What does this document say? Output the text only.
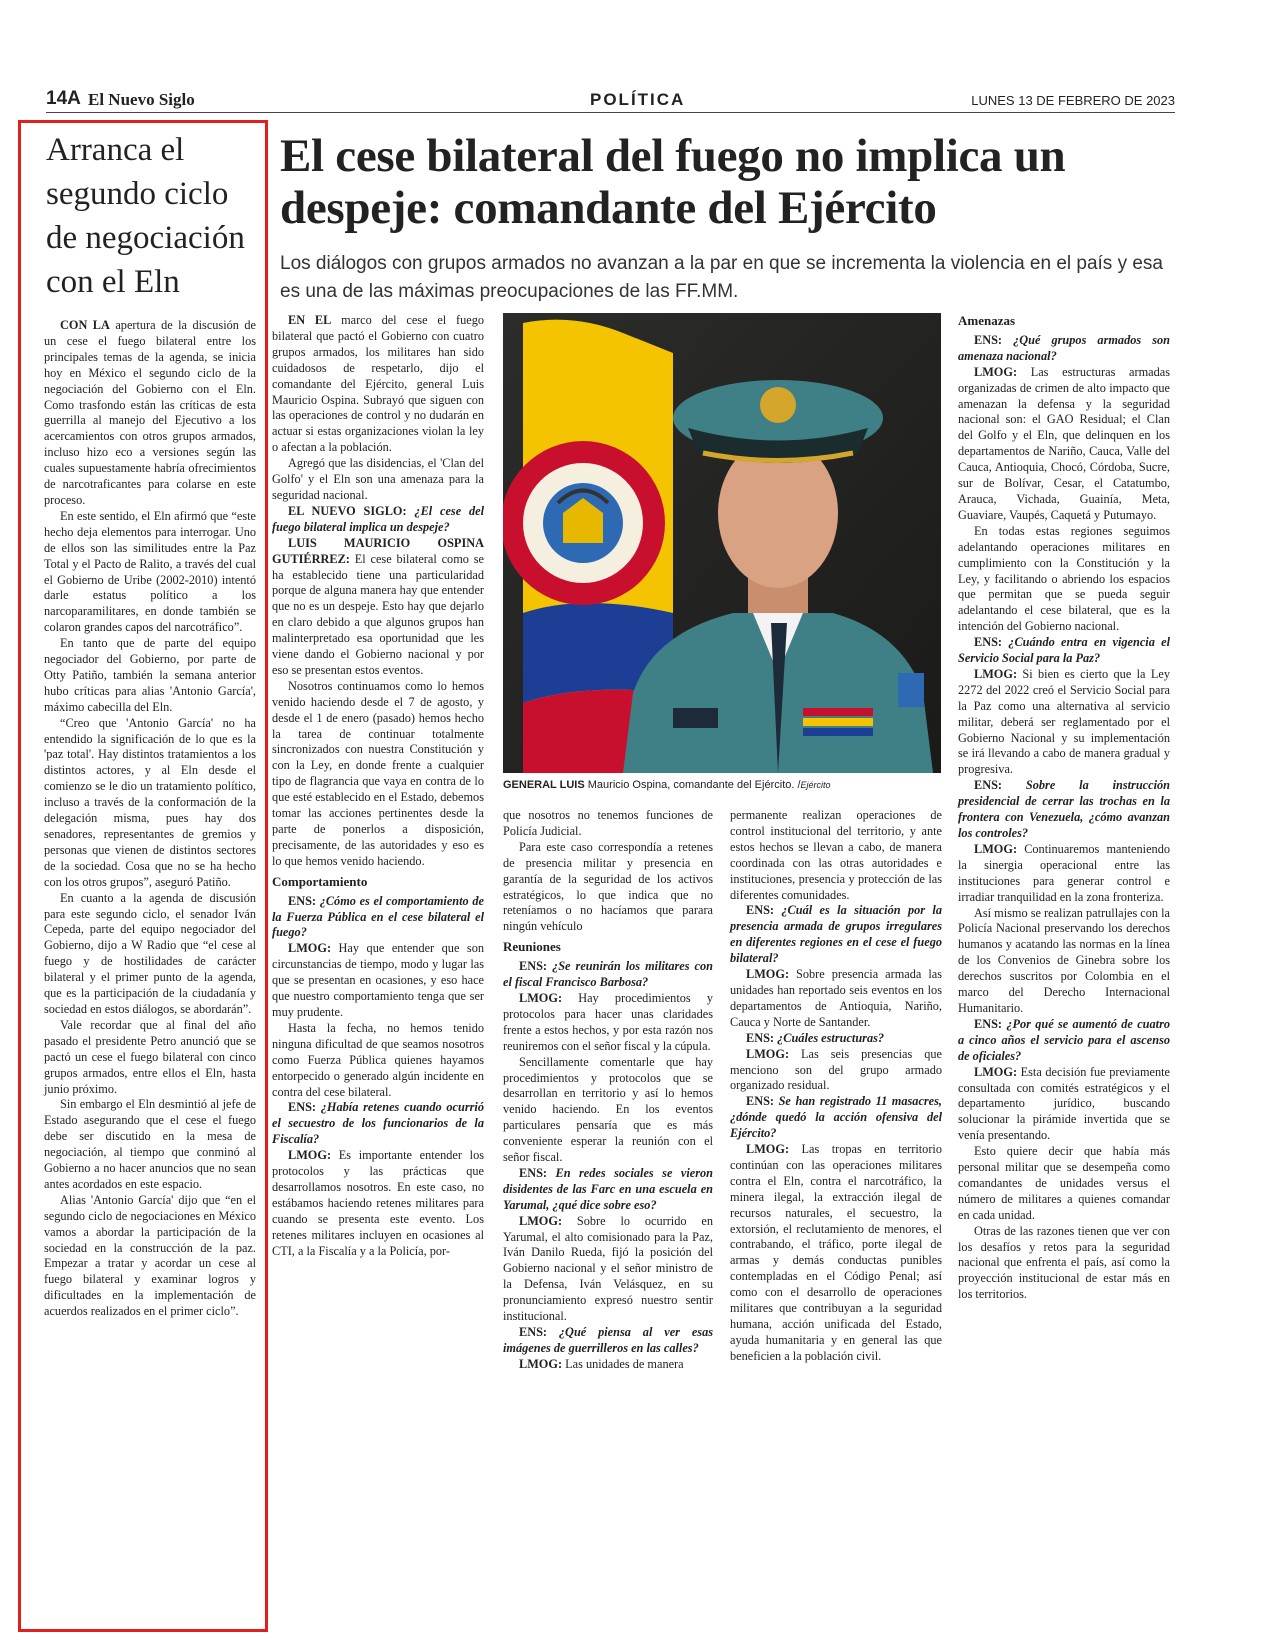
14A El Nuevo Siglo	POLÍTICA	LUNES 13 DE FEBRERO DE 2023
Arranca el segundo ciclo de negociación con el Eln

CON LA apertura de la discusión de un cese el fuego bilateral entre los principales temas de la agenda, se inicia hoy en México el segundo ciclo de la negociación del Gobierno con el Eln. Como trasfondo están las críticas de esta guerrilla al manejo del Ejecutivo a los acercamientos con otros grupos armados, incluso hizo eco a versiones según las cuales supuestamente habría ofrecimientos de narcotraficantes para colarse en este proceso.

En este sentido, el Eln afirmó que “este hecho deja elementos para interrogar. Uno de ellos son las similitudes entre la Paz Total y el Pacto de Ralito, a través del cual el Gobierno de Uribe (2002-2010) intentó darle estatus político a los narcoparamilitares, en donde también se colaron grandes capos del narcotráfico”.

En tanto que de parte del equipo negociador del Gobierno, por parte de Otty Patiño, también la semana anterior hubo críticas para alias 'Antonio García', máximo cabecilla del Eln.

“Creo que 'Antonio García' no ha entendido la significación de lo que es la 'paz total'. Hay distintos tratamientos a los distintos actores, y al Eln desde el comienzo se le dio un tratamiento político, incluso a través de la conformación de la delegación misma, pues hay dos senadores, representantes de gremios y personas que vienen de distintos sectores de la sociedad. Cosa que no se ha hecho con los otros grupos”, aseguró Patiño.

En cuanto a la agenda de discusión para este segundo ciclo, el senador Iván Cepeda, parte del equipo negociador del Gobierno, dijo a W Radio que “el cese al fuego y de hostilidades de carácter bilateral y el primer punto de la agenda, que es la participación de la ciudadanía y sociedad en estos diálogos, se abordarán”.

Vale recordar que al final del año pasado el presidente Petro anunció que se pactó un cese el fuego bilateral con cinco grupos armados, entre ellos el Eln, hasta junio próximo.

Sin embargo el Eln desmintió al jefe de Estado asegurando que el cese el fuego debe ser discutido en la mesa de negociación, al tiempo que conminó al Gobierno a no hacer anuncios que no sean antes acordados en este espacio.

Alias 'Antonio García' dijo que “en el segundo ciclo de negociaciones en México vamos a abordar la participación de la sociedad en la construcción de la paz. Empezar a tratar y acordar un cese al fuego bilateral y examinar logros y dificultades en la implementación de acuerdos realizados en el primer ciclo”.

El cese bilateral del fuego no implica un despeje: comandante del Ejército
Los diálogos con grupos armados no avanzan a la par en que se incrementa la violencia en el país y esa es una de las máximas preocupaciones de las FF.MM.

EN EL marco del cese el fuego bilateral que pactó el Gobierno con cuatro grupos armados, los militares han sido cuidadosos de respetarlo, dijo el comandante del Ejército, general Luis Mauricio Ospina. Subrayó que siguen con las operaciones de control y no dudarán en actuar si estas organizaciones violan la ley o afectan a la población.

Agregó que las disidencias, el 'Clan del Golfo' y el Eln son una amenaza para la seguridad nacional.

EL NUEVO SIGLO: ¿El cese del fuego bilateral implica un despeje?

LUIS MAURICIO OSPINA GUTIÉRREZ: El cese bilateral como se ha establecido tiene una particularidad porque de alguna manera hay que entender que no es un despeje. Esto hay que dejarlo en claro debido a que algunos grupos han malinterpretado esa oportunidad que les viene dando el Gobierno nacional y por eso se presentan estos eventos.

Nosotros continuamos como lo hemos venido haciendo desde el 7 de agosto, y desde el 1 de enero (pasado) hemos hecho la tarea de continuar totalmente sincronizados con nuestra Constitución y con la Ley, en donde frente a cualquier tipo de flagrancia que vaya en contra de lo que esté establecido en el Estado, debemos tomar las acciones pertinentes desde la parte de ponerlos a disposición, precisamente, de las autoridades y eso es lo que hemos venido haciendo.

Comportamiento

ENS: ¿Cómo es el comportamiento de la Fuerza Pública en el cese bilateral el fuego?

LMOG: Hay que entender que son circunstancias de tiempo, modo y lugar las que se presentan en ocasiones, y eso hace que nuestro comportamiento tenga que ser muy prudente.

Hasta la fecha, no hemos tenido ninguna dificultad de que seamos nosotros como Fuerza Pública quienes hayamos entorpecido o generado algún incidente en contra del cese bilateral.

ENS: ¿Había retenes cuando ocurrió el secuestro de los funcionarios de la Fiscalía?

LMOG: Es importante entender los protocolos y las prácticas que desarrollamos nosotros. En este caso, no estábamos haciendo retenes militares para cuando se presenta este evento. Los retenes militares incluyen en ocasiones al CTI, a la Fiscalía y a la Policía, por-

GENERAL LUIS Mauricio Ospina, comandante del Ejército. /Ejército

que nosotros no tenemos funciones de Policía Judicial.

Para este caso correspondía a retenes de presencia militar y presencia en garantía de la seguridad de los activos estratégicos, lo que indica que no reteníamos o no hacíamos que parara ningún vehículo

Reuniones

ENS: ¿Se reunirán los militares con el fiscal Francisco Barbosa?

LMOG: Hay procedimientos y protocolos para hacer unas claridades frente a estos hechos, y por esta razón nos reuniremos con el señor fiscal y la cúpula.

Sencillamente comentarle que hay procedimientos y protocolos que se desarrollan en territorio y así lo hemos venido haciendo. En los eventos particulares pensaría que es más conveniente esperar la reunión con el señor fiscal.

ENS: En redes sociales se vieron disidentes de las Farc en una escuela en Yarumal, ¿qué dice sobre eso?

LMOG: Sobre lo ocurrido en Yarumal, el alto comisionado para la Paz, Iván Danilo Rueda, fijó la posición del Gobierno nacional y el señor ministro de la Defensa, Iván Velásquez, en su pronunciamiento expresó nuestro sentir institucional.

ENS: ¿Qué piensa al ver esas imágenes de guerrilleros en las calles?

LMOG: Las unidades de manera

permanente realizan operaciones de control institucional del territorio, y ante estos hechos se llevan a cabo, de manera coordinada con las otras autoridades e instituciones, presencia y protección de las diferentes comunidades.

ENS: ¿Cuál es la situación por la presencia armada de grupos irregulares en diferentes regiones en el cese el fuego bilateral?

LMOG: Sobre presencia armada las unidades han reportado seis eventos en los departamentos de Antioquia, Nariño, Cauca y Norte de Santander.

ENS: ¿Cuáles estructuras?

LMOG: Las seis presencias que menciono son del grupo armado organizado residual.

ENS: Se han registrado 11 masacres, ¿dónde quedó la acción ofensiva del Ejército?

LMOG: Las tropas en territorio continúan con las operaciones militares contra el Eln, contra el narcotráfico, la minera ilegal, la extracción ilegal de recursos naturales, el secuestro, la extorsión, el reclutamiento de menores, el contrabando, el tráfico, porte ilegal de armas y demás conductas punibles contempladas en el Código Penal; así como con el desarrollo de operaciones militares que contribuyan a la seguridad humana, acción unificada del Estado, ayuda humanitaria y en general las que beneficien a la población civil.

Amenazas

ENS: ¿Qué grupos armados son amenaza nacional?

LMOG: Las estructuras armadas organizadas de crimen de alto impacto que amenazan la defensa y la seguridad nacional son: el GAO Residual; el Clan del Golfo y el Eln, que delinquen en los departamentos de Nariño, Cauca, Valle del Cauca, Antioquia, Chocó, Córdoba, Sucre, sur de Bolívar, Cesar, el Catatumbo, Arauca, Vichada, Guainía, Meta, Guaviare, Vaupés, Caquetá y Putumayo.

En todas estas regiones seguimos adelantando operaciones militares en cumplimiento con la Constitución y la Ley, y facilitando o abriendo los espacios que permitan que se pueda seguir adelantando el cese bilateral, que es la intención del Gobierno nacional.

ENS: ¿Cuándo entra en vigencia el Servicio Social para la Paz?

LMOG: Si bien es cierto que la Ley 2272 del 2022 creó el Servicio Social para la Paz como una alternativa al servicio militar, deberá ser reglamentado por el Gobierno Nacional y su implementación se irá llevando a cabo de manera gradual y progresiva.

ENS: Sobre la instrucción presidencial de cerrar las trochas en la frontera con Venezuela, ¿cómo avanzan los controles?

LMOG: Continuaremos manteniendo la sinergia operacional entre las instituciones para generar control e irradiar tranquilidad en la zona fronteriza.

Así mismo se realizan patrullajes con la Policía Nacional preservando los derechos humanos y acatando las normas en la línea de los Convenios de Ginebra sobre los derechos suscritos por Colombia en el marco del Derecho Internacional Humanitario.

ENS: ¿Por qué se aumentó de cuatro a cinco años el servicio para el ascenso de oficiales?

LMOG: Esta decisión fue previamente consultada con comités estratégicos y el departamento jurídico, buscando solucionar la pirámide invertida que se venía presentando.

Esto quiere decir que había más personal militar que se desempeña como comandantes de unidades versus el número de militares a quienes comandar en cada unidad.

Otras de las razones tienen que ver con los desafíos y retos para la seguridad nacional que enfrenta el país, así como la proyección institucional de estar más en los territorios.
